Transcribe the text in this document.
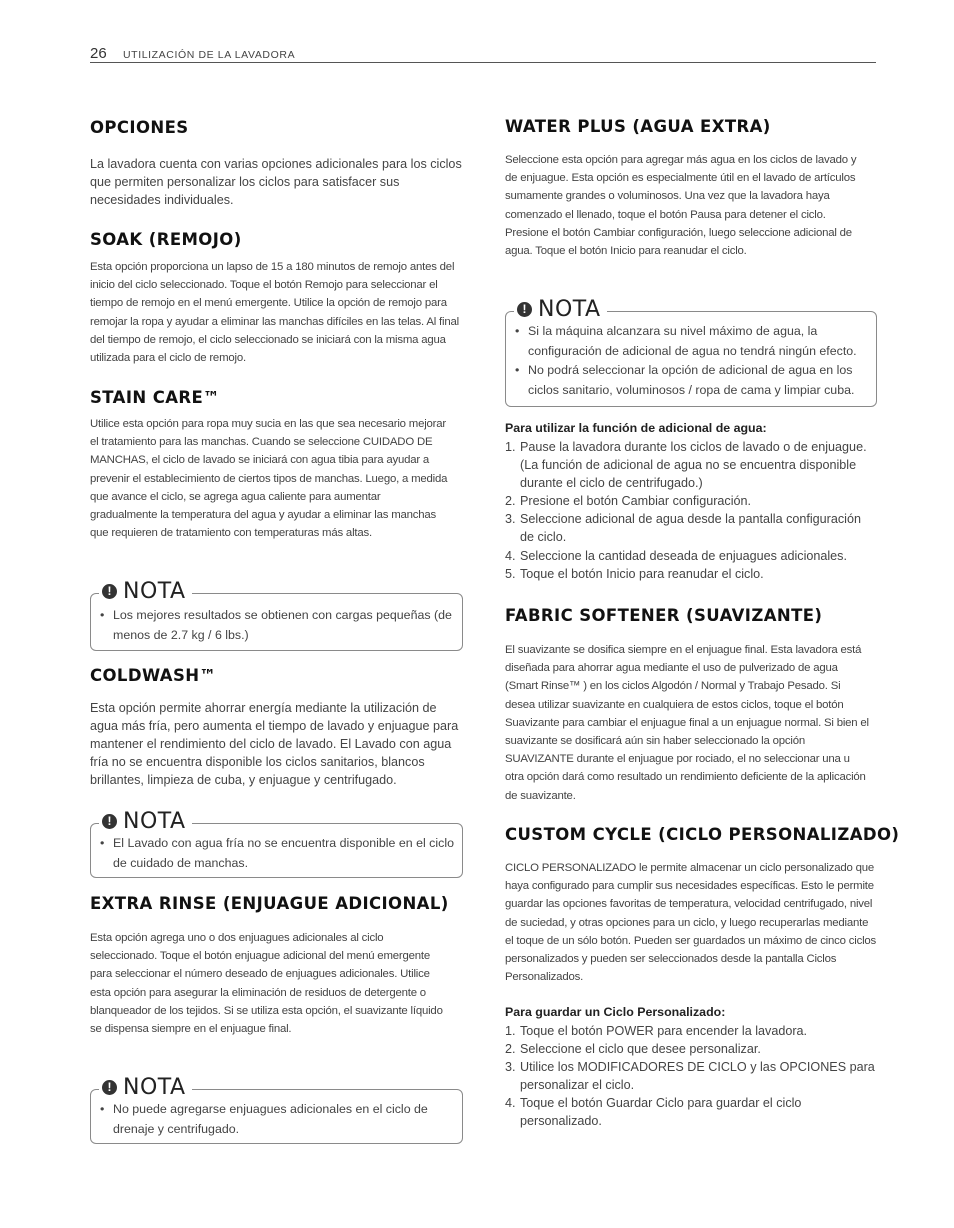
26 UTILIZACIÓN DE LA LAVADORA
OPCIONES

La lavadora cuenta con varias opciones adicionales para los ciclos que permiten personalizar los ciclos para satisfacer sus necesidades individuales.

SOAK (REMOJO)

Esta opción proporciona un lapso de 15 a 180 minutos de remojo antes del inicio del ciclo seleccionado. Toque el botón Remojo para seleccionar el tiempo de remojo en el menú emergente. Utilice la opción de remojo para remojar la ropa y ayudar a eliminar las manchas difíciles en las telas. Al final del tiempo de remojo, el ciclo seleccionado se iniciará con la misma agua utilizada para el ciclo de remojo.

STAIN CARE™

Utilice esta opción para ropa muy sucia en las que sea necesario mejorar el tratamiento para las manchas. Cuando se seleccione CUIDADO DE MANCHAS, el ciclo de lavado se iniciará con agua tibia para ayudar a prevenir el establecimiento de ciertos tipos de manchas. Luego, a medida que avance el ciclo, se agrega agua caliente para aumentar gradualmente la temperatura del agua y ayudar a eliminar las manchas que requieren de tratamiento con temperaturas más altas.

! NOTA
• Los mejores resultados se obtienen con cargas pequeñas (de menos de 2.7 kg / 6 lbs.)
COLDWASH™

Esta opción permite ahorrar energía mediante la utilización de agua más fría, pero aumenta el tiempo de lavado y enjuague para mantener el rendimiento del ciclo de lavado. El Lavado con agua fría no se encuentra disponible los ciclos sanitarios, blancos brillantes, limpieza de cuba, y enjuague y centrifugado.

! NOTA
• El Lavado con agua fría no se encuentra disponible en el ciclo de cuidado de manchas.
EXTRA RINSE (ENJUAGUE ADICIONAL)

Esta opción agrega uno o dos enjuagues adicionales al ciclo seleccionado. Toque el botón enjuague adicional del menú emergente para seleccionar el número deseado de enjuagues adicionales. Utilice esta opción para asegurar la eliminación de residuos de detergente o blanqueador de los tejidos. Si se utiliza esta opción, el suavizante líquido se dispensa siempre en el enjuague final.

! NOTA
• No puede agregarse enjuagues adicionales en el ciclo de drenaje y centrifugado.
WATER PLUS (AGUA EXTRA)

Seleccione esta opción para agregar más agua en los ciclos de lavado y de enjuague. Esta opción es especialmente útil en el lavado de artículos sumamente grandes o voluminosos. Una vez que la lavadora haya comenzado el llenado, toque el botón Pausa para detener el ciclo. Presione el botón Cambiar configuración, luego seleccione adicional de agua. Toque el botón Inicio para reanudar el ciclo.

! NOTA
• Si la máquina alcanzara su nivel máximo de agua, la configuración de adicional de agua no tendrá ningún efecto.
• No podrá seleccionar la opción de adicional de agua en los ciclos sanitario, voluminosos / ropa de cama y limpiar cuba.

Para utilizar la función de adicional de agua:

1. Pause la lavadora durante los ciclos de lavado o de enjuague. (La función de adicional de agua no se encuentra disponible durante el ciclo de centrifugado.)
2. Presione el botón Cambiar configuración.
3. Seleccione adicional de agua desde la pantalla configuración de ciclo.
4. Seleccione la cantidad deseada de enjuagues adicionales.
5. Toque el botón Inicio para reanudar el ciclo.
FABRIC SOFTENER (SUAVIZANTE)

El suavizante se dosifica siempre en el enjuague final. Esta lavadora está diseñada para ahorrar agua mediante el uso de pulverizado de agua (Smart Rinse™ ) en los ciclos Algodón / Normal y Trabajo Pesado. Si desea utilizar suavizante en cualquiera de estos ciclos, toque el botón Suavizante para cambiar el enjuague final a un enjuague normal. Si bien el suavizante se dosificará aún sin haber seleccionado la opción SUAVIZANTE durante el enjuague por rociado, el no seleccionar una u otra opción dará como resultado un rendimiento deficiente de la aplicación de suavizante.

CUSTOM CYCLE (CICLO PERSONALIZADO)

CICLO PERSONALIZADO le permite almacenar un ciclo personalizado que haya configurado para cumplir sus necesidades específicas. Esto le permite guardar las opciones favoritas de temperatura, velocidad centrifugado, nivel de suciedad, y otras opciones para un ciclo, y luego recuperarlas mediante el toque de un sólo botón. Pueden ser guardados un máximo de cinco ciclos personalizados y pueden ser seleccionados desde la pantalla Ciclos Personalizados.

Para guardar un Ciclo Personalizado:

1. Toque el botón POWER para encender la lavadora.
2. Seleccione el ciclo que desee personalizar.
3. Utilice los MODIFICADORES DE CICLO y las OPCIONES para personalizar el ciclo.
4. Toque el botón Guardar Ciclo para guardar el ciclo personalizado.
